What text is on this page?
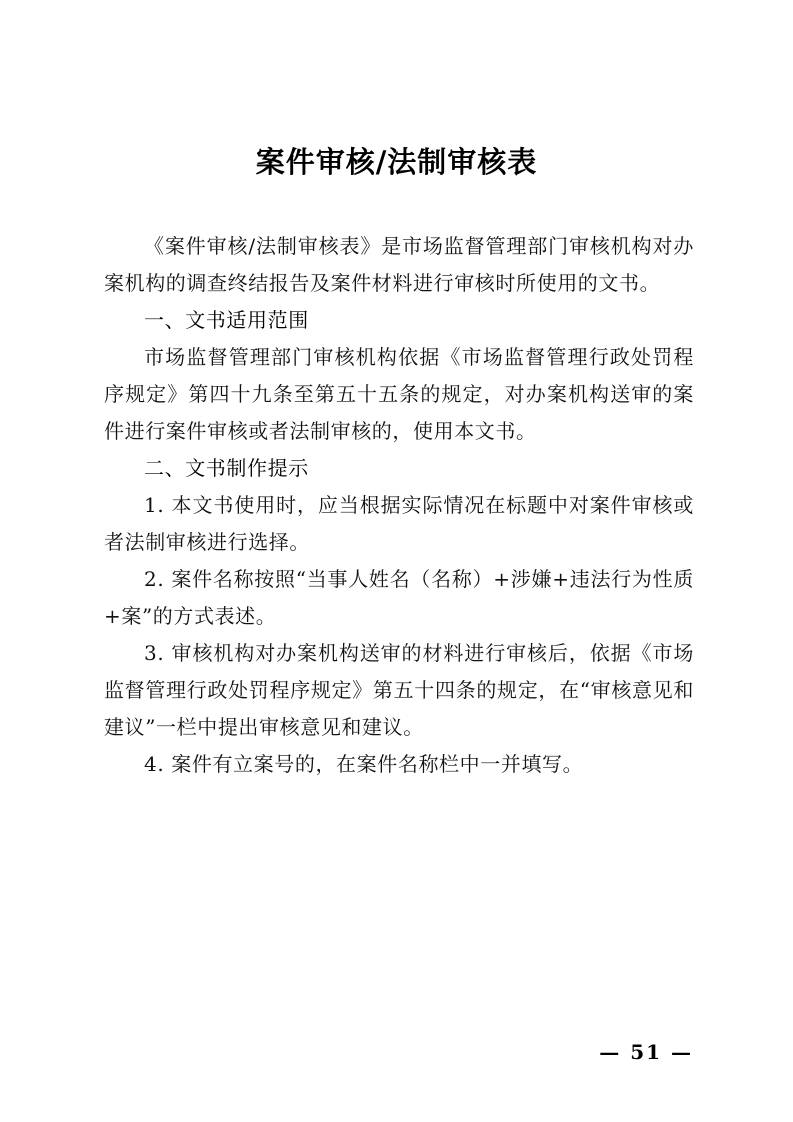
案件审核/法制审核表

《案件审核/法制审核表》是市场监督管理部门审核机构对办案机构的调查终结报告及案件材料进行审核时所使用的文书。

一、文书适用范围

市场监督管理部门审核机构依据《市场监督管理行政处罚程序规定》第四十九条至第五十五条的规定，对办案机构送审的案件进行案件审核或者法制审核的，使用本文书。

二、文书制作提示

1. 本文书使用时，应当根据实际情况在标题中对案件审核或者法制审核进行选择。

2. 案件名称按照“当事人姓名（名称）+涉嫌+违法行为性质+案”的方式表述。

3. 审核机构对办案机构送审的材料进行审核后，依据《市场监督管理行政处罚程序规定》第五十四条的规定，在“审核意见和建议”一栏中提出审核意见和建议。

4. 案件有立案号的，在案件名称栏中一并填写。

— 51 —
